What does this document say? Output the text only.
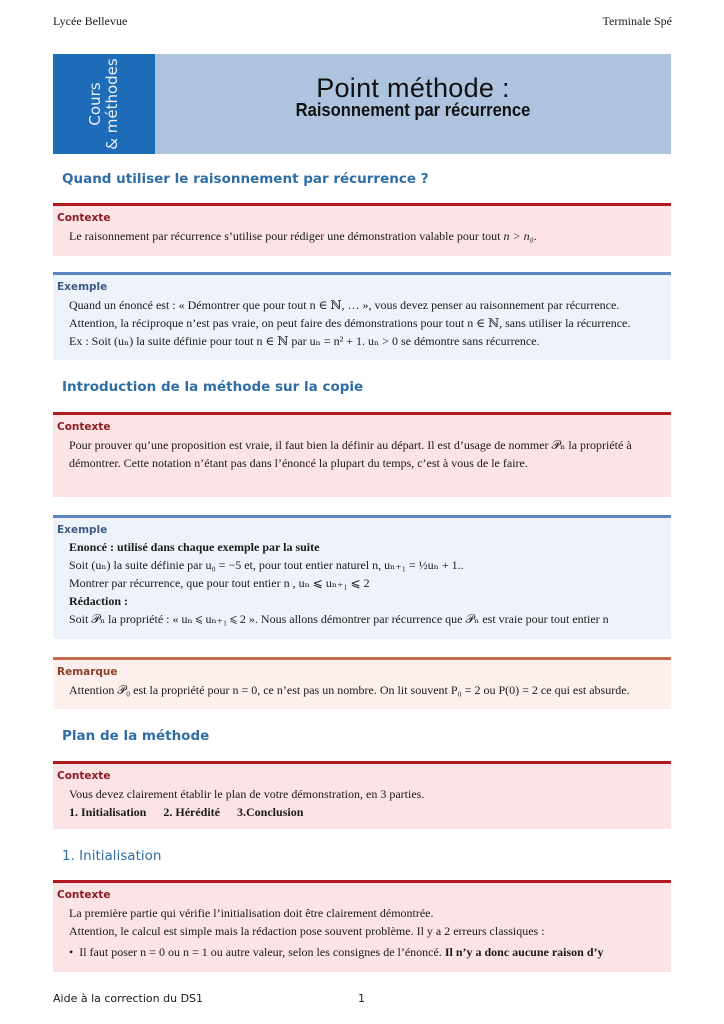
Lycée Bellevue	Terminale Spé
Cours & méthodes	Point méthode :
Raisonnement par récurrence
Quand utiliser le raisonnement par récurrence ?
Contexte
Le raisonnement par récurrence s’utilise pour rédiger une démonstration valable pour tout n > n₀.
Exemple
Quand un énoncé est : « Démontrer que pour tout n ∈ ℕ, … », vous devez penser au raisonnement par récurrence.
Attention, la réciproque n’est pas vraie, on peut faire des démonstrations pour tout n ∈ ℕ, sans utiliser la récurrence.
Ex : Soit (uₙ) la suite définie pour tout n ∈ ℕ par uₙ = n² + 1. uₙ > 0 se démontre sans récurrence.
Introduction de la méthode sur la copie
Contexte
Pour prouver qu’une proposition est vraie, il faut bien la définir au départ. Il est d’usage de nommer 𝒫ₙ la propriété à
démontrer. Cette notation n’étant pas dans l’énoncé la plupart du temps, c’est à vous de le faire.
Exemple
Enoncé : utilisé dans chaque exemple par la suite
Soit (uₙ) la suite définie par u₀ = −5 et, pour tout entier naturel n, uₙ₊₁ = ½uₙ + 1..
Montrer par récurrence, que pour tout entier n , uₙ ⩽ uₙ₊₁ ⩽ 2
Rédaction :
Soit 𝒫ₙ la propriété : « uₙ ⩽ uₙ₊₁ ⩽ 2 ». Nous allons démontrer par récurrence que 𝒫ₙ est vraie pour tout entier n
Remarque
Attention 𝒫₀ est la propriété pour n = 0, ce n’est pas un nombre. On lit souvent P₀ = 2 ou P(0) = 2 ce qui est absurde.
Plan de la méthode
Contexte
Vous devez clairement établir le plan de votre démonstration, en 3 parties.
1. Initialisation 2. Hérédité 3.Conclusion
1. Initialisation
Contexte
La première partie qui vérifie l’initialisation doit être clairement démontrée.
Attention, le calcul est simple mais la rédaction pose souvent problème. Il y a 2 erreurs classiques :
• Il faut poser n = 0 ou n = 1 ou autre valeur, selon les consignes de l’énoncé. Il n’y a donc aucune raison d’y
Aide à la correction du DS1	1
